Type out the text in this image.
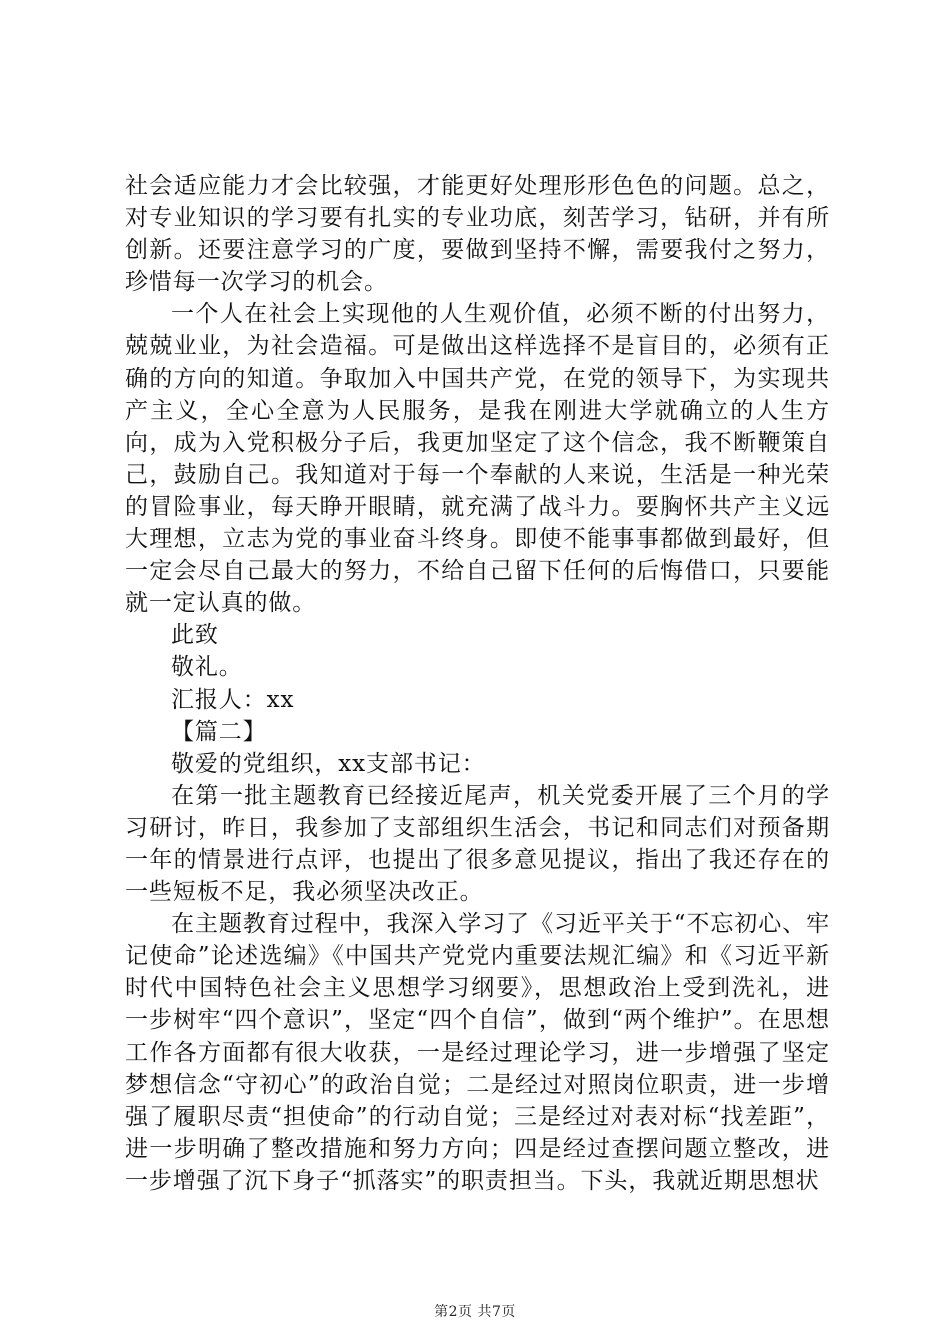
社会适应能力才会比较强，才能更好处理形形色色的问题。总之，对专业知识的学习要有扎实的专业功底，刻苦学习，钻研，并有所创新。还要注意学习的广度，要做到坚持不懈，需要我付之努力，珍惜每一次学习的机会。

一个人在社会上实现他的人生观价值，必须不断的付出努力，兢兢业业，为社会造福。可是做出这样选择不是盲目的，必须有正确的方向的知道。争取加入中国共产党，在党的领导下，为实现共产主义，全心全意为人民服务，是我在刚进大学就确立的人生方向，成为入党积极分子后，我更加坚定了这个信念，我不断鞭策自己，鼓励自己。我知道对于每一个奉献的人来说，生活是一种光荣的冒险事业，每天睁开眼睛，就充满了战斗力。要胸怀共产主义远大理想，立志为党的事业奋斗终身。即使不能事事都做到最好，但一定会尽自己最大的努力，不给自己留下任何的后悔借口，只要能就一定认真的做。

此致

敬礼。

汇报人：xx

【篇二】

敬爱的党组织，xx支部书记：

在第一批主题教育已经接近尾声，机关党委开展了三个月的学习研讨，昨日，我参加了支部组织生活会，书记和同志们对预备期一年的情景进行点评，也提出了很多意见提议，指出了我还存在的一些短板不足，我必须坚决改正。

在主题教育过程中，我深入学习了《习近平关于“不忘初心、牢记使命”论述选编》《中国共产党党内重要法规汇编》和《习近平新时代中国特色社会主义思想学习纲要》，思想政治上受到洗礼，进一步树牢“四个意识”，坚定“四个自信”，做到“两个维护”。在思想工作各方面都有很大收获，一是经过理论学习，进一步增强了坚定梦想信念“守初心”的政治自觉；二是经过对照岗位职责，进一步增强了履职尽责“担使命”的行动自觉；三是经过对表对标“找差距”，进一步明确了整改措施和努力方向；四是经过查摆问题立整改，进一步增强了沉下身子“抓落实”的职责担当。下头，我就近期思想状

第2页 共7页
